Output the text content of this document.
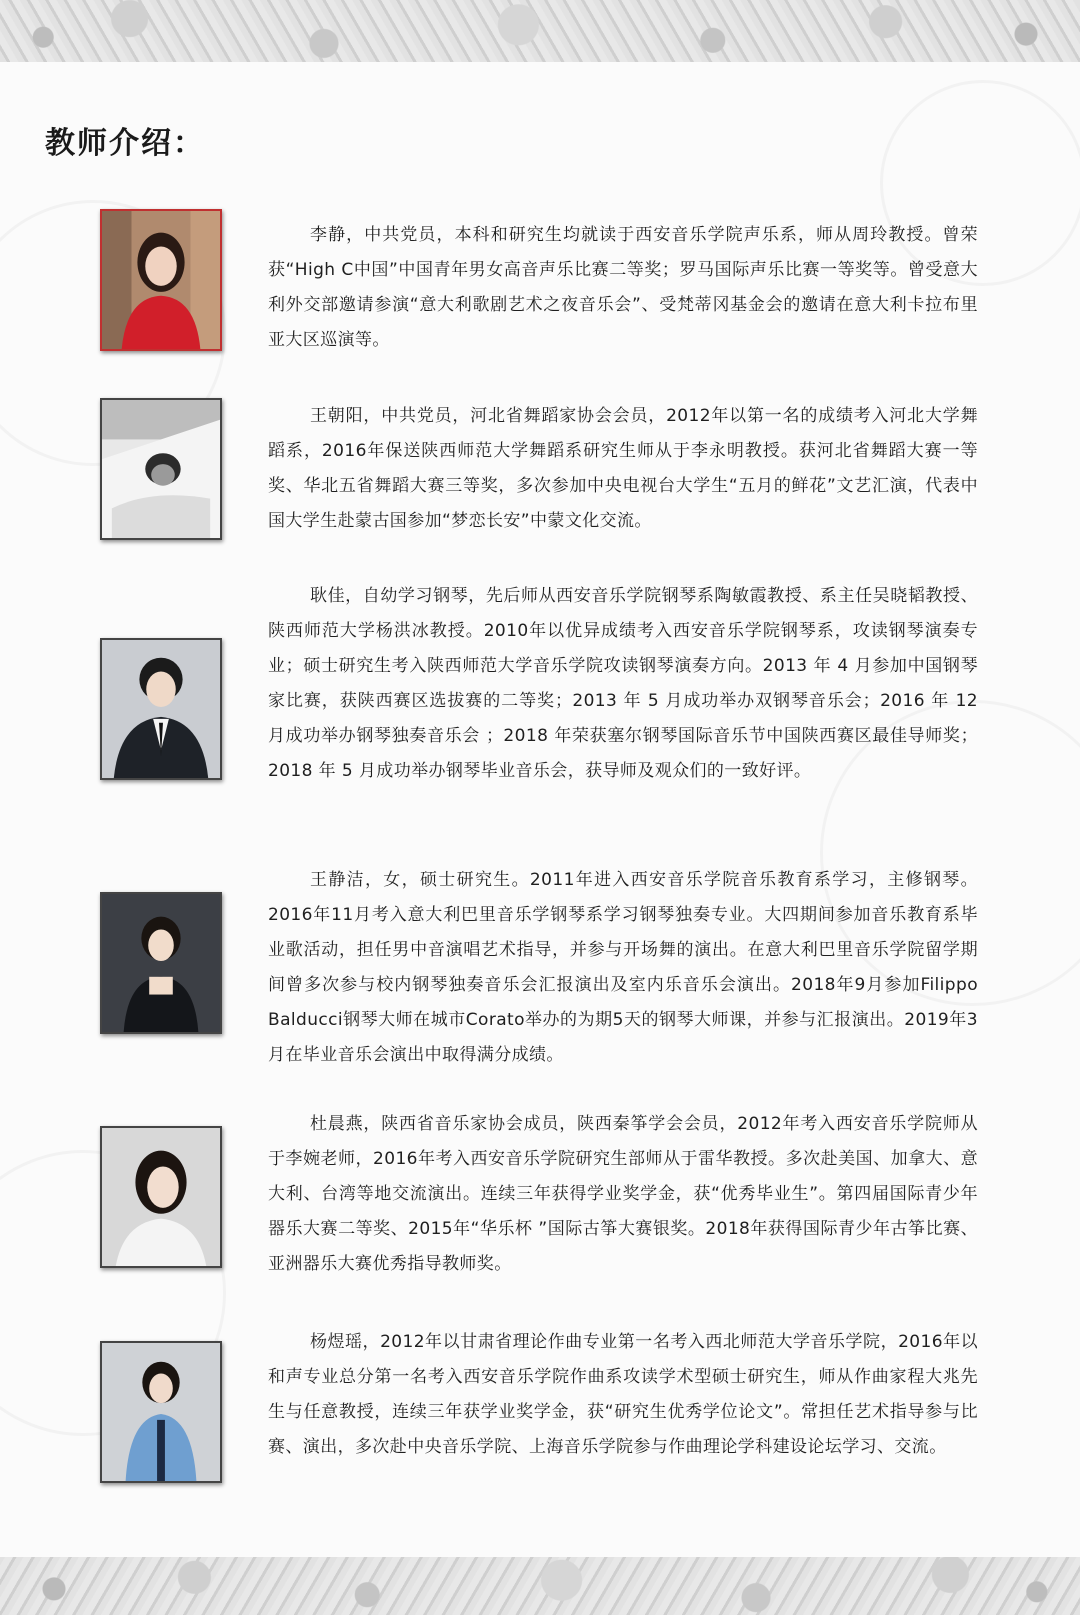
教师介绍：

李静，中共党员，本科和研究生均就读于西安音乐学院声乐系，师从周玲教授。曾荣获“High C中国”中国青年男女高音声乐比赛二等奖；罗马国际声乐比赛一等奖等。曾受意大利外交部邀请参演“意大利歌剧艺术之夜音乐会”、受梵蒂冈基金会的邀请在意大利卡拉布里亚大区巡演等。

王朝阳，中共党员，河北省舞蹈家协会会员，2012年以第一名的成绩考入河北大学舞蹈系，2016年保送陕西师范大学舞蹈系研究生师从于李永明教授。获河北省舞蹈大赛一等奖、华北五省舞蹈大赛三等奖，多次参加中央电视台大学生“五月的鲜花”文艺汇演，代表中国大学生赴蒙古国参加“梦恋长安”中蒙文化交流。

耿佳，自幼学习钢琴，先后师从西安音乐学院钢琴系陶敏霞教授、系主任吴晓韬教授、陕西师范大学杨洪冰教授。2010年以优异成绩考入西安音乐学院钢琴系，攻读钢琴演奏专业；硕士研究生考入陕西师范大学音乐学院攻读钢琴演奏方向。2013 年 4 月参加中国钢琴家比赛，获陕西赛区选拔赛的二等奖；2013 年 5 月成功举办双钢琴音乐会；2016 年 12 月成功举办钢琴独奏音乐会 ；2018 年荣获塞尔钢琴国际音乐节中国陕西赛区最佳导师奖；2018 年 5 月成功举办钢琴毕业音乐会，获导师及观众们的一致好评。

王静洁，女，硕士研究生。2011年进入西安音乐学院音乐教育系学习，主修钢琴。2016年11月考入意大利巴里音乐学钢琴系学习钢琴独奏专业。大四期间参加音乐教育系毕业歌活动，担任男中音演唱艺术指导，并参与开场舞的演出。在意大利巴里音乐学院留学期间曾多次参与校内钢琴独奏音乐会汇报演出及室内乐音乐会演出。2018年9月参加Filippo Balducci钢琴大师在城市Corato举办的为期5天的钢琴大师课，并参与汇报演出。2019年3月在毕业音乐会演出中取得满分成绩。

杜晨燕，陕西省音乐家协会成员，陕西秦筝学会会员，2012年考入西安音乐学院师从于李婉老师，2016年考入西安音乐学院研究生部师从于雷华教授。多次赴美国、加拿大、意大利、台湾等地交流演出。连续三年获得学业奖学金，获“优秀毕业生”。第四届国际青少年器乐大赛二等奖、2015年“华乐杯 ”国际古筝大赛银奖。2018年获得国际青少年古筝比赛、亚洲器乐大赛优秀指导教师奖。

杨煜瑶，2012年以甘肃省理论作曲专业第一名考入西北师范大学音乐学院，2016年以和声专业总分第一名考入西安音乐学院作曲系攻读学术型硕士研究生，师从作曲家程大兆先生与任意教授，连续三年获学业奖学金，获“研究生优秀学位论文”。常担任艺术指导参与比赛、演出，多次赴中央音乐学院、上海音乐学院参与作曲理论学科建设论坛学习、交流。
